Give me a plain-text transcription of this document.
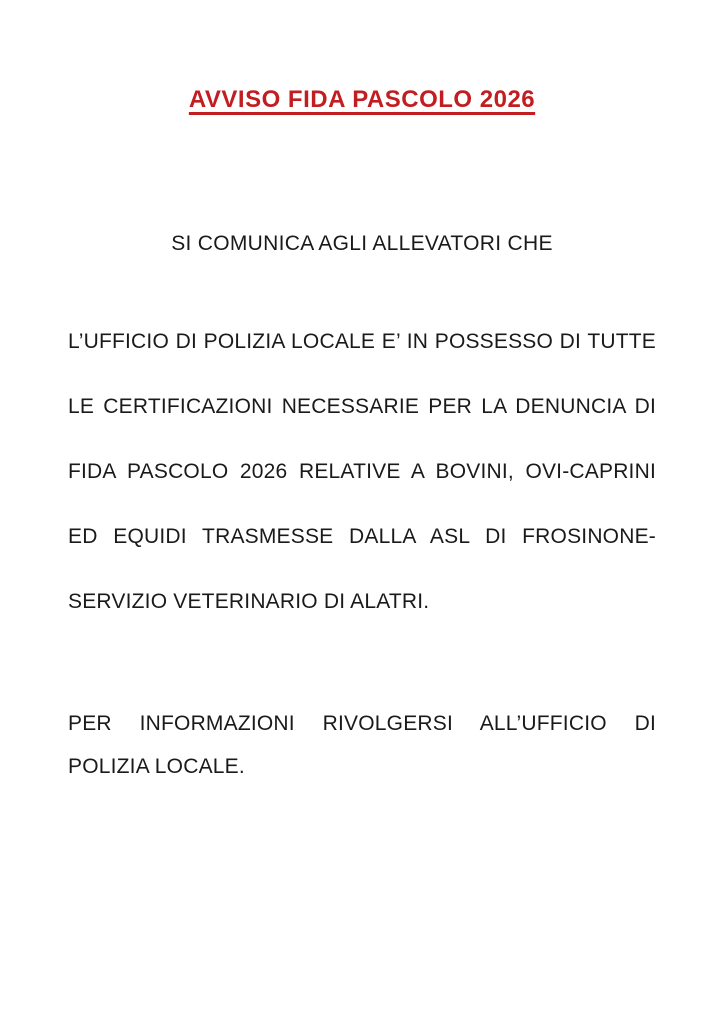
AVVISO FIDA PASCOLO 2026
SI COMUNICA AGLI ALLEVATORI CHE
L’UFFICIO DI POLIZIA LOCALE E’ IN POSSESSO DI TUTTE
LE CERTIFICAZIONI NECESSARIE PER LA DENUNCIA DI
FIDA PASCOLO 2026 RELATIVE A BOVINI, OVI-CAPRINI
ED EQUIDI TRASMESSE DALLA ASL DI FROSINONE-
SERVIZIO VETERINARIO DI ALATRI.
PER INFORMAZIONI RIVOLGERSI ALL’UFFICIO DI
POLIZIA LOCALE.
